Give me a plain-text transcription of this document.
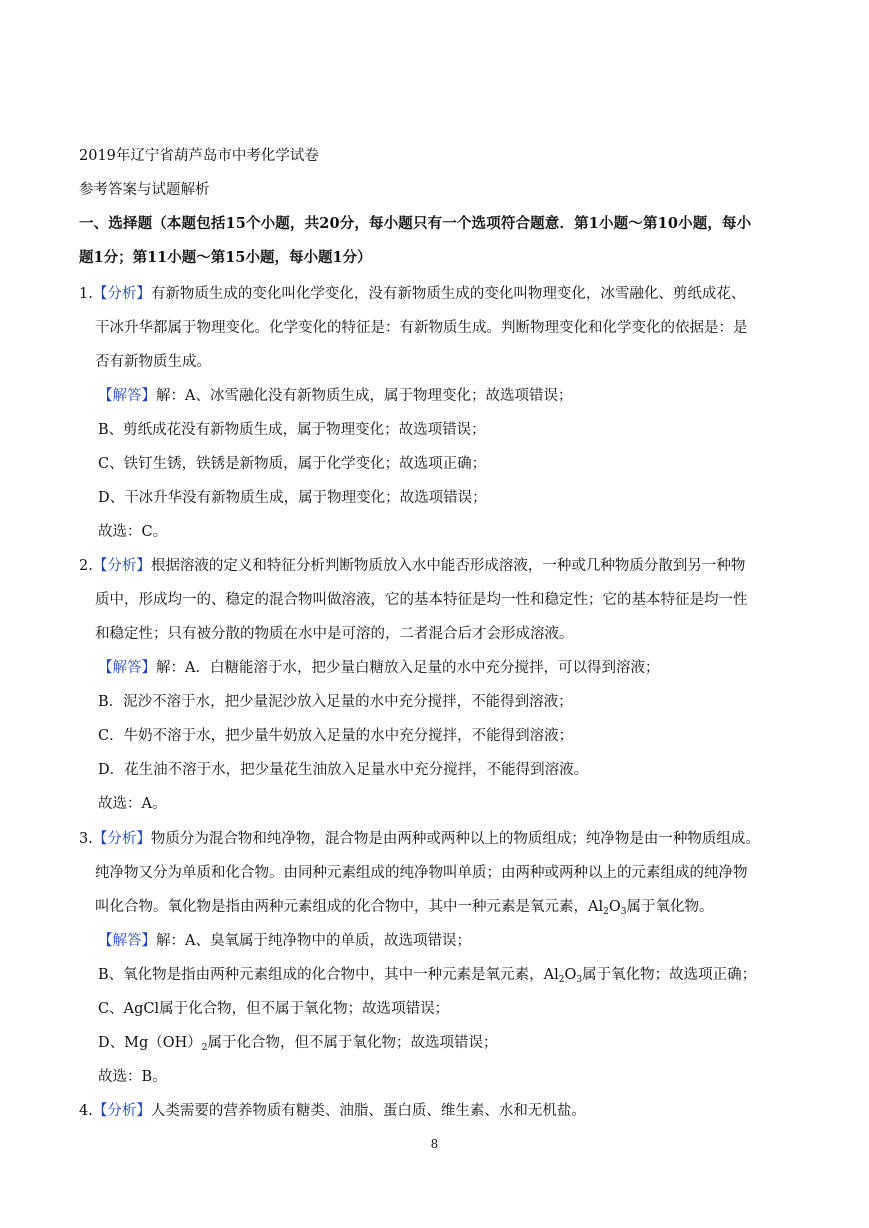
2019年辽宁省葫芦岛市中考化学试卷
参考答案与试题解析
一、选择题（本题包括15个小题，共20分，每小题只有一个选项符合题意．第1小题～第10小题，每小
题1分；第11小题～第15小题，每小题1分）
1.【分析】有新物质生成的变化叫化学变化，没有新物质生成的变化叫物理变化，冰雪融化、剪纸成花、
干冰升华都属于物理变化。化学变化的特征是：有新物质生成。判断物理变化和化学变化的依据是：是
否有新物质生成。
【解答】解：A、冰雪融化没有新物质生成，属于物理变化；故选项错误；
B、剪纸成花没有新物质生成，属于物理变化；故选项错误；
C、铁钉生锈，铁锈是新物质，属于化学变化；故选项正确；
D、干冰升华没有新物质生成，属于物理变化；故选项错误；
故选：C。
2.【分析】根据溶液的定义和特征分析判断物质放入水中能否形成溶液，一种或几种物质分散到另一种物
质中，形成均一的、稳定的混合物叫做溶液，它的基本特征是均一性和稳定性；它的基本特征是均一性
和稳定性；只有被分散的物质在水中是可溶的，二者混合后才会形成溶液。
【解答】解：A．白糖能溶于水，把少量白糖放入足量的水中充分搅拌，可以得到溶液；
B．泥沙不溶于水，把少量泥沙放入足量的水中充分搅拌，不能得到溶液；
C．牛奶不溶于水，把少量牛奶放入足量的水中充分搅拌，不能得到溶液；
D．花生油不溶于水，把少量花生油放入足量水中充分搅拌，不能得到溶液。
故选：A。
3.【分析】物质分为混合物和纯净物，混合物是由两种或两种以上的物质组成；纯净物是由一种物质组成。
纯净物又分为单质和化合物。由同种元素组成的纯净物叫单质；由两种或两种以上的元素组成的纯净物
叫化合物。氧化物是指由两种元素组成的化合物中，其中一种元素是氧元素，$Al_2O_3$属于氧化物。
【解答】解：A、臭氧属于纯净物中的单质，故选项错误；
B、氧化物是指由两种元素组成的化合物中，其中一种元素是氧元素，$Al_2O_3$属于氧化物；故选项正确；
C、AgCl属于化合物，但不属于氧化物；故选项错误；
D、$Mg(OH)_2$属于化合物，但不属于氧化物；故选项错误；
故选：B。
4.【分析】人类需要的营养物质有糖类、油脂、蛋白质、维生素、水和无机盐。
8
